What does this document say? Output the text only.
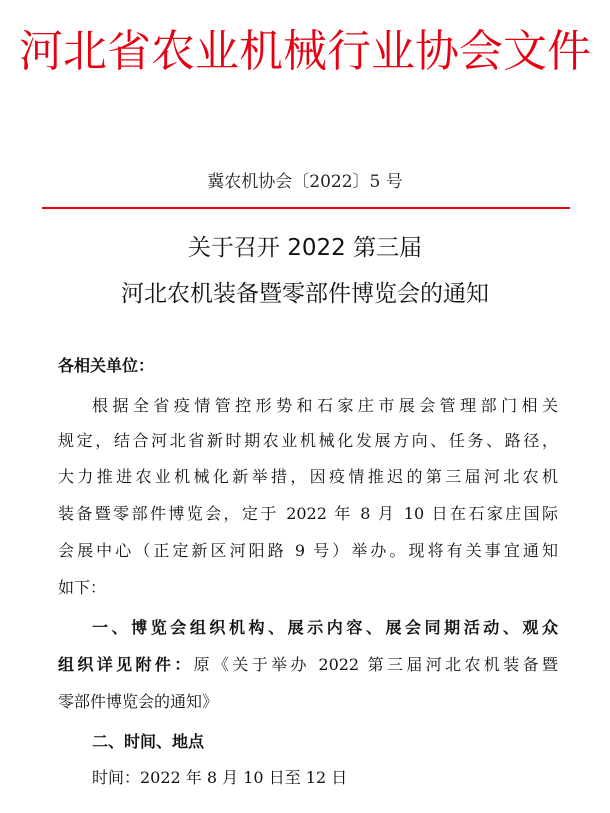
河北省农业机械行业协会文件
冀农机协会〔2022〕5 号
关于召开 2022 第三届
河北农机装备暨零部件博览会的通知
各相关单位：
根据全省疫情管控形势和石家庄市展会管理部门相关
规定，结合河北省新时期农业机械化发展方向、任务、路径，
大力推进农业机械化新举措，因疫情推迟的第三届河北农机
装备暨零部件博览会，定于 2022 年 8 月 10 日在石家庄国际
会展中心（正定新区河阳路 9 号）举办。现将有关事宜通知
如下：
一、博览会组织机构、展示内容、展会同期活动、观众
组织详见附件：原《关于举办 2022 第三届河北农机装备暨
零部件博览会的通知》
二、时间、地点
时间：2022 年 8 月 10 日至 12 日
